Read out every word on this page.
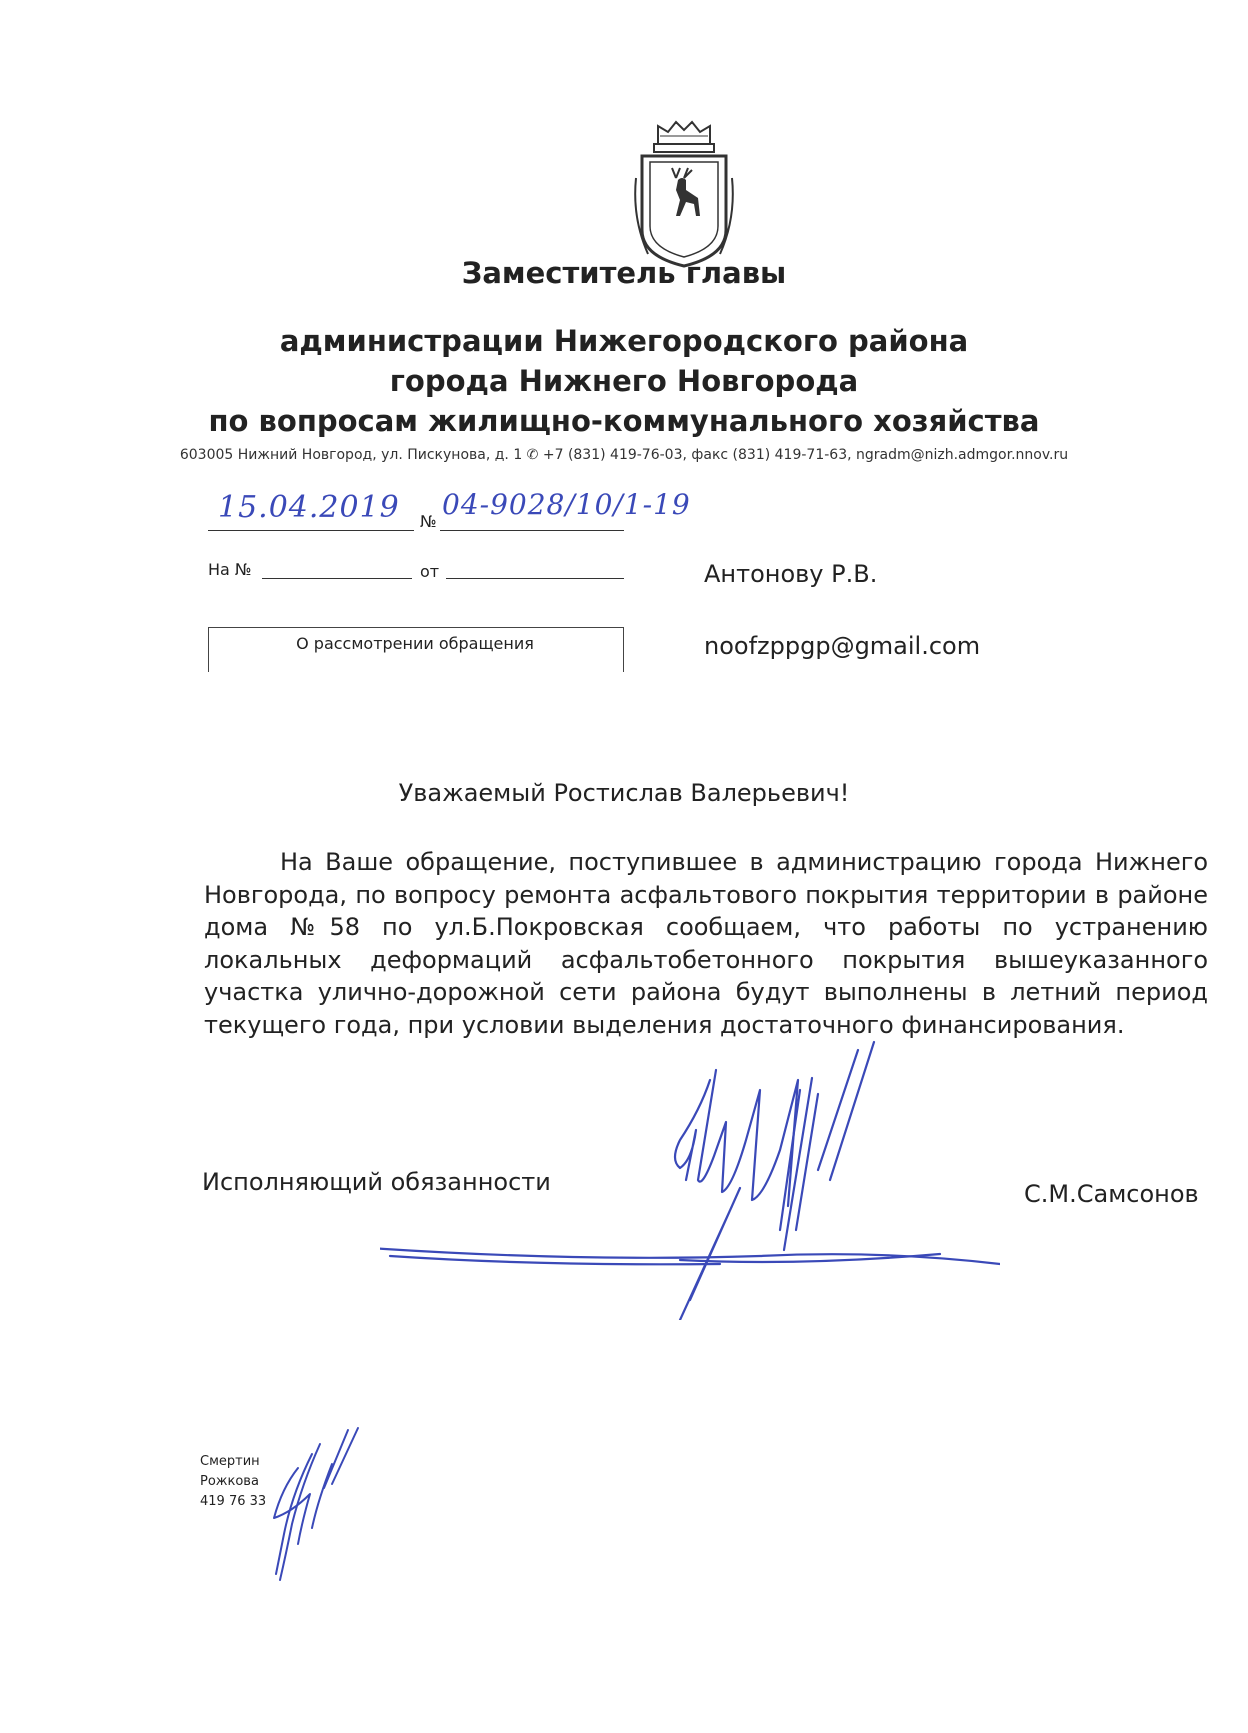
Заместитель главы
администрации Нижегородского района
города Нижнего Новгорода
по вопросам жилищно-коммунального хозяйства
603005 Нижний Новгород, ул. Пискунова, д. 1 ✆ +7 (831) 419-76-03, факс (831) 419-71-63, ngradm@nizh.admgor.nnov.ru
15.04.2019 №
04-9028/10/1-19
На №	от
О рассмотрении обращения
Антонову Р.В.
noofzppgp@gmail.com
Уважаемый Ростислав Валерьевич!

На Ваше обращение, поступившее в администрацию города Нижнего Новгорода, по вопросу ремонта асфальтового покрытия территории в районе дома №58 по ул.Б.Покровская сообщаем, что работы по устранению локальных деформаций асфальтобетонного покрытия вышеуказанного участка улично-дорожной сети района будут выполнены в летний период текущего года, при условии выделения достаточного финансирования.

Исполняющий обязанности	С.М.Самсонов
Смертин
Рожкова
419 76 33
